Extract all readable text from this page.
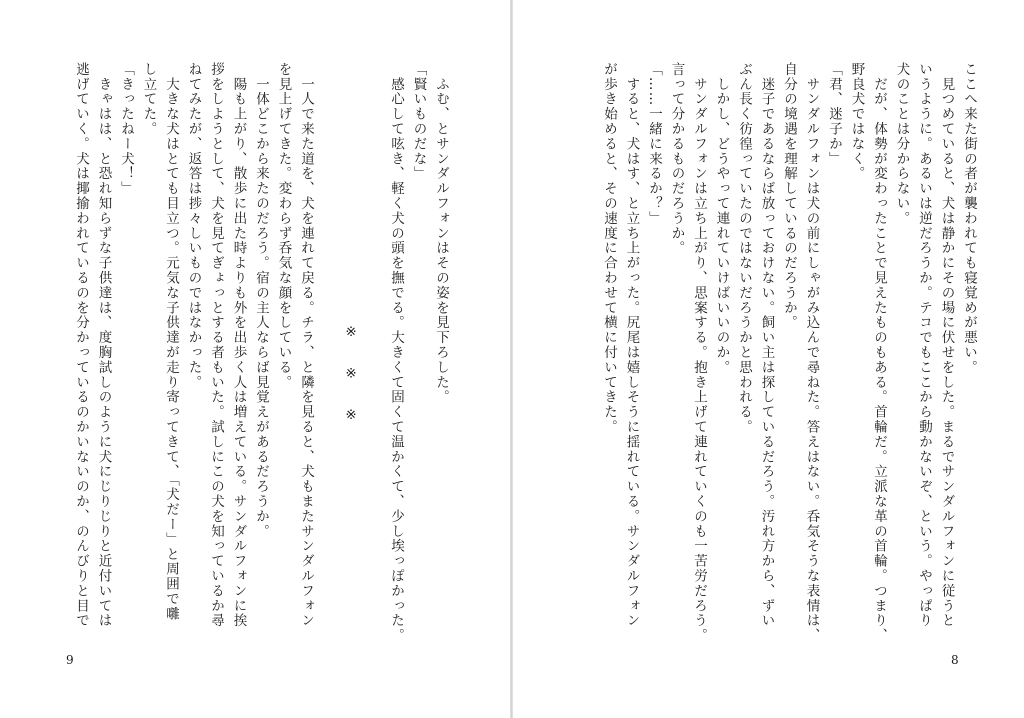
　ふむ、とサンダルフォンはその姿を見下ろした。
「賢いものだな」
　感心して呟き、軽く犬の頭を撫でる。大きくて固くて温かくて、少し埃っぽかった。

※　※　※

　一人で来た道を、犬を連れて戻る。チラ、と隣を見ると、犬もまたサンダルフォン
を見上げてきた。変わらず呑気な顔をしている。
　一体どこから来たのだろう。宿の主人ならば見覚えがあるだろうか。
　陽も上がり、散歩に出た時よりも外を出歩く人は増えている。サンダルフォンに挨
拶をしようとして、犬を見てぎょっとする者もいた。試しにこの犬を知っているか尋
ねてみたが、返答は捗々しいものではなかった。
　大きな犬はとても目立つ。元気な子供達が走り寄ってきて、「犬だー」と周囲で囃
し立てた。
「きったねー犬！」
　きゃはは、と恐れ知らずな子供達は、度胸試しのように犬にじりじりと近付いては
逃げていく。犬は揶揄われているのを分かっているのかいないのか、のんびりと目で
9
ここへ来た街の者が襲われても寝覚めが悪い。
　見つめていると、犬は静かにその場に伏せをした。まるでサンダルフォンに従うと
いうように。あるいは逆だろうか。テコでもここから動かないぞ、という。やっぱり
犬のことは分からない。
　だが、体勢が変わったことで見えたものもある。首輪だ。立派な革の首輪。つまり、
野良犬ではなく。
「君、迷子か」
　サンダルフォンは犬の前にしゃがみ込んで尋ねた。答えはない。呑気そうな表情は、
自分の境遇を理解しているのだろうか。
　迷子であるならば放っておけない。飼い主は探しているだろう。汚れ方から、ずい
ぶん長く彷徨っていたのではないだろうかと思われる。
　しかし、どうやって連れていけばいいのか。
　サンダルフォンは立ち上がり、思案する。抱き上げて連れていくのも一苦労だろう。
言って分かるものだろうか。
「……一緒に来るか？」
　すると、犬はす、と立ち上がった。尻尾は嬉しそうに揺れている。サンダルフォン
が歩き始めると、その速度に合わせて横に付いてきた。
8
